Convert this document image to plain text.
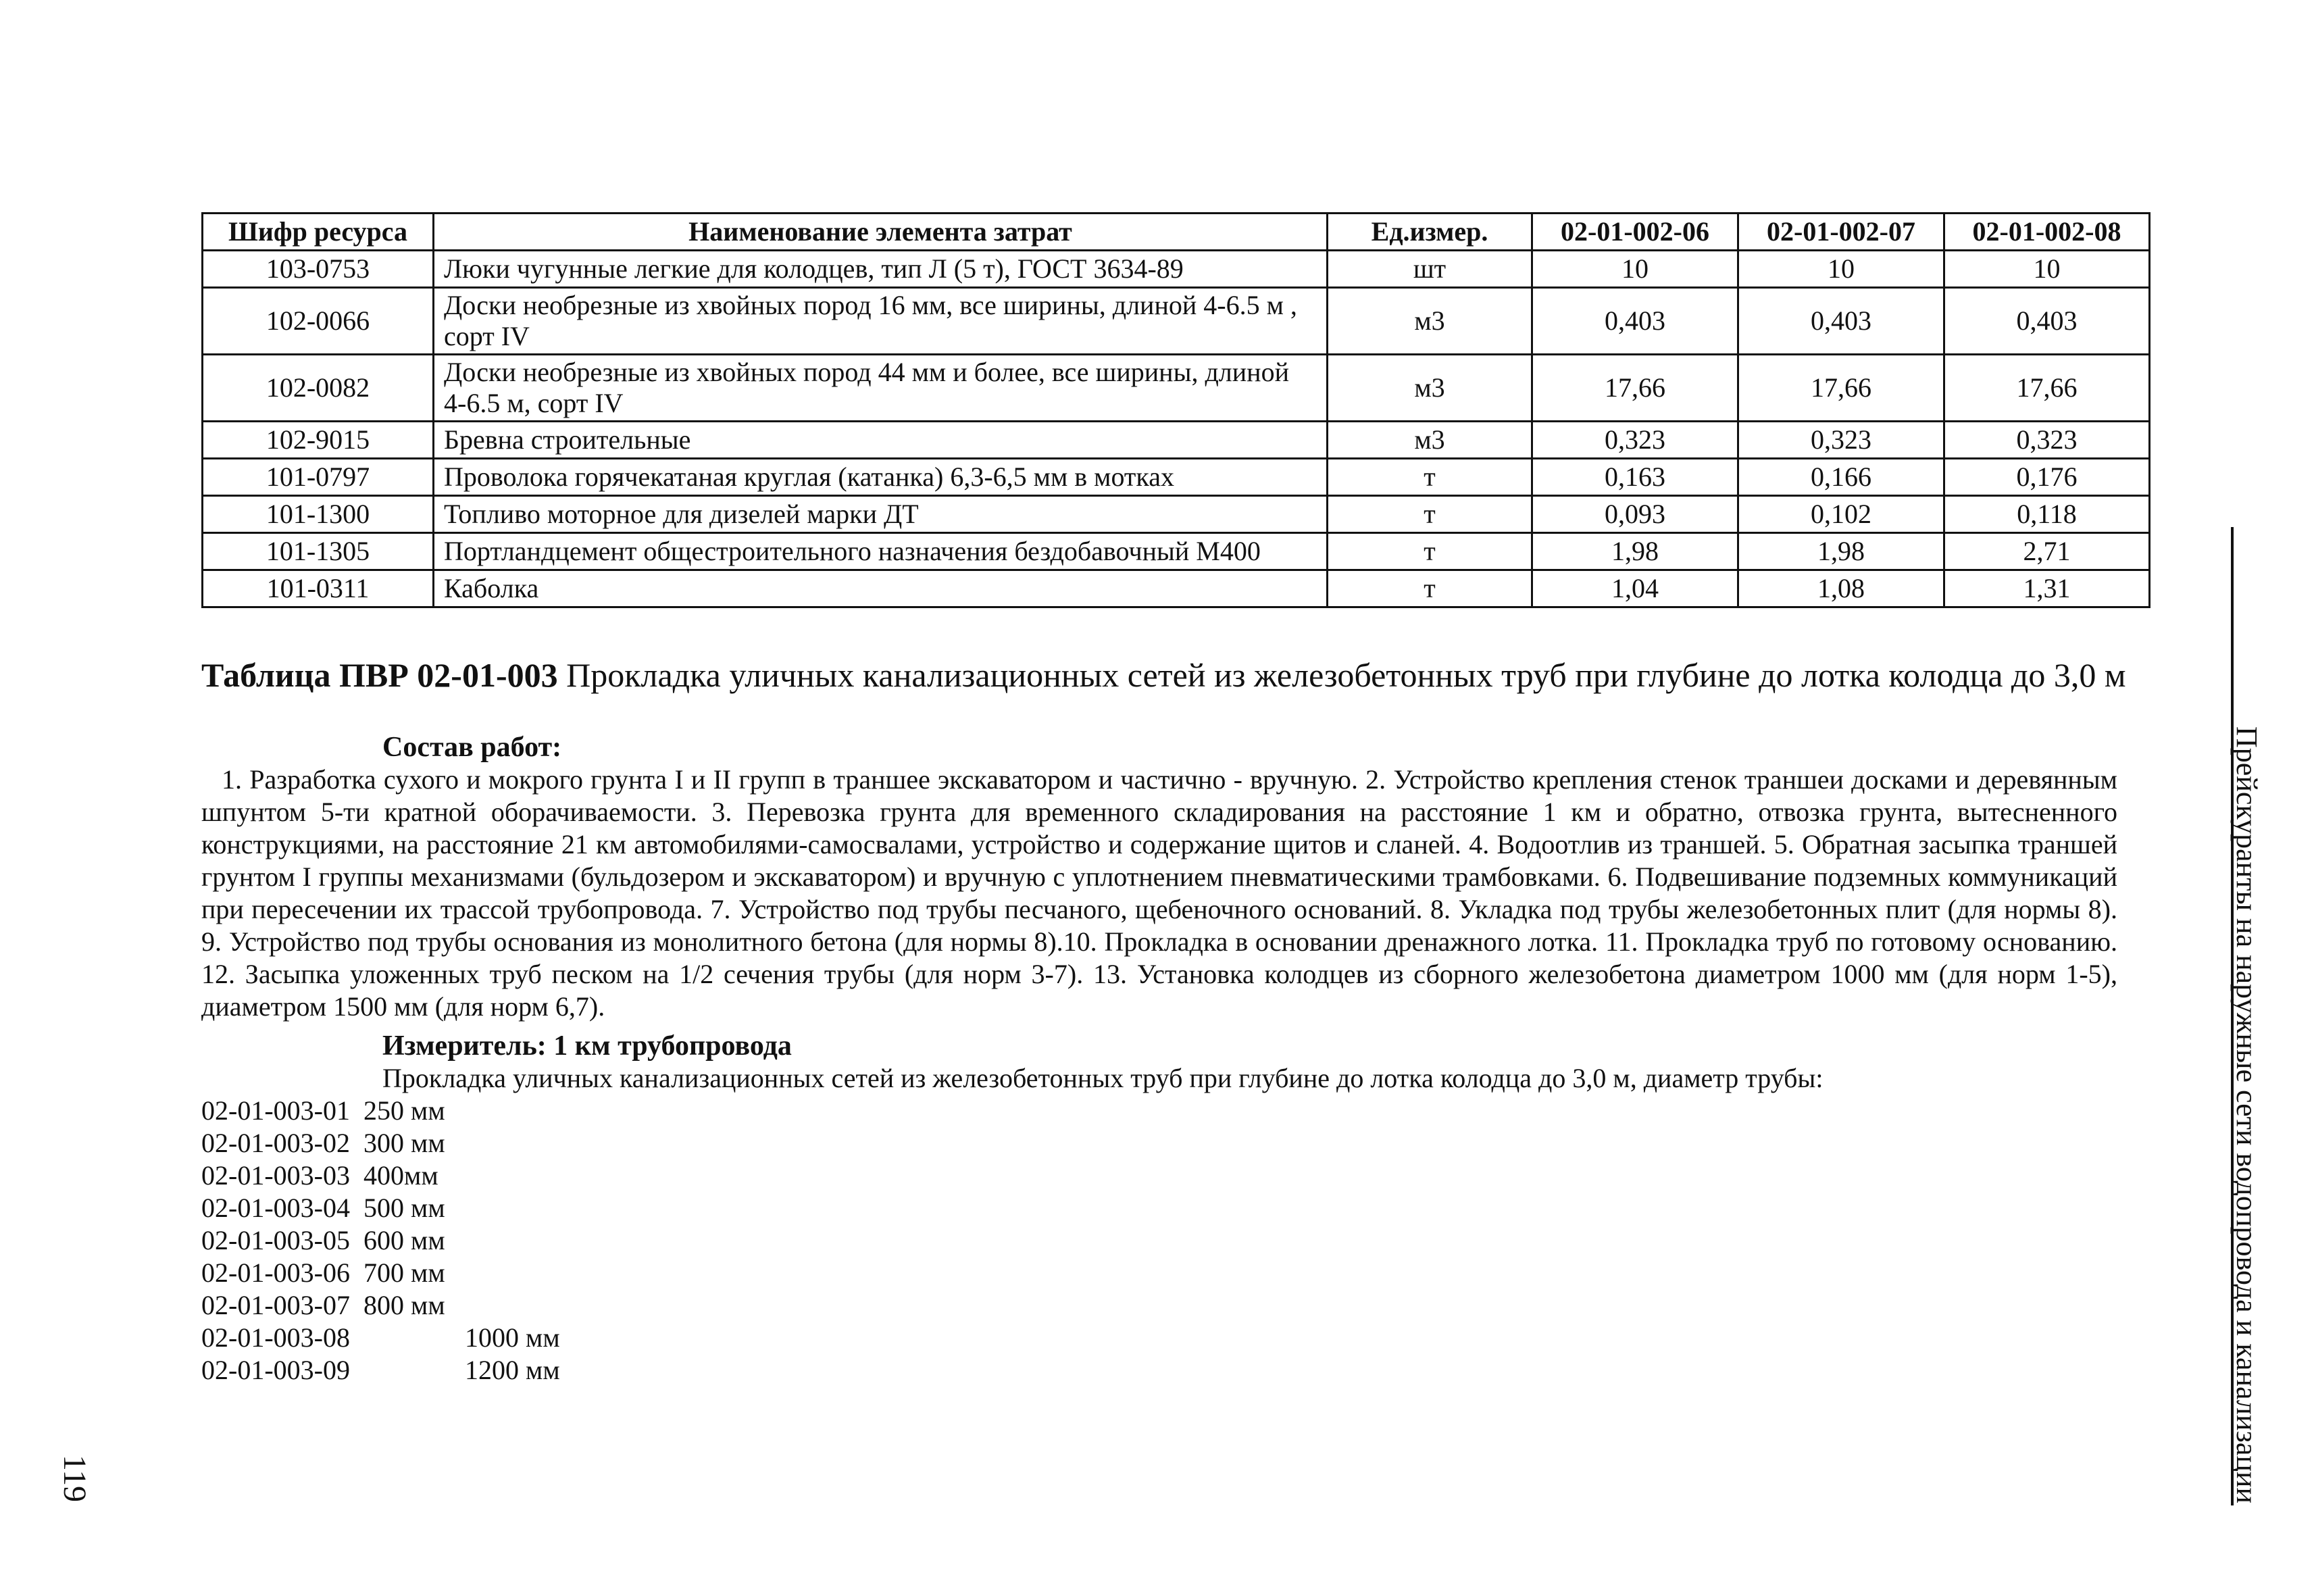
Шифр ресурса	Наименование элемента затрат	Ед.измер.	02-01-002-06	02-01-002-07	02-01-002-08
103-0753	Люки чугунные легкие для колодцев, тип Л (5 т), ГОСТ 3634-89	шт	10	10	10
102-0066	Доски необрезные из хвойных пород 16 мм, все ширины, длиной 4-6.5 м , сорт IV	м3	0,403	0,403	0,403
102-0082	Доски необрезные из хвойных пород 44 мм и более, все ширины, длиной 4-6.5 м, сорт IV	м3	17,66	17,66	17,66
102-9015	Бревна строительные	м3	0,323	0,323	0,323
101-0797	Проволока горячекатаная круглая (катанка) 6,3-6,5 мм в мотках	т	0,163	0,166	0,176
101-1300	Топливо моторное для дизелей марки ДТ	т	0,093	0,102	0,118
101-1305	Портландцемент общестроительного назначения бездобавочный М400	т	1,98	1,98	2,71
101-0311	Каболка	т	1,04	1,08	1,31
Таблица ПВР 02-01-003 Прокладка уличных канализационных сетей из железобетонных труб при глубине до лотка колодца до 3,0 м
Состав работ:

1. Разработка сухого и мокрого грунта I и II групп в траншее экскаватором и частично - вручную. 2. Устройство крепления стенок траншеи досками и деревянным шпунтом 5-ти кратной оборачиваемости. 3. Перевозка грунта для временного складирования на расстояние 1 км и обратно, отвозка грунта, вытесненного конструкциями, на расстояние 21 км автомобилями-самосвалами, устройство и содержание щитов и сланей. 4. Водоотлив из траншей. 5. Обратная засыпка траншей грунтом I группы механизмами (бульдозером и экскаватором) и вручную с уплотнением пневматическими трамбовками. 6. Подвешивание подземных коммуникаций при пересечении их трассой трубопровода. 7. Устройство под трубы песчаного, щебеночного оснований. 8. Укладка под трубы железобетонных плит (для нормы 8). 9. Устройство под трубы основания из монолитного бетона (для нормы 8).10. Прокладка в основании дренажного лотка. 11. Прокладка труб по готовому основанию. 12. Засыпка уложенных труб песком на 1/2 сечения трубы (для норм 3-7). 13. Установка колодцев из сборного железобетона диаметром 1000 мм (для норм 1-5), диаметром 1500 мм (для норм 6,7).

Измеритель: 1 км трубопровода
Прокладка уличных канализационных сетей из железобетонных труб при глубине до лотка колодца до 3,0 м, диаметр трубы:
02-01-003-01 250 мм
02-01-003-02 300 мм
02-01-003-03 400мм
02-01-003-04 500 мм
02-01-003-05 600 мм
02-01-003-06 700 мм
02-01-003-07 800 мм
02-01-003-08	1000 мм
02-01-003-09	1200 мм
119	Прейскуранты на наружные сети водопровода и канализации
